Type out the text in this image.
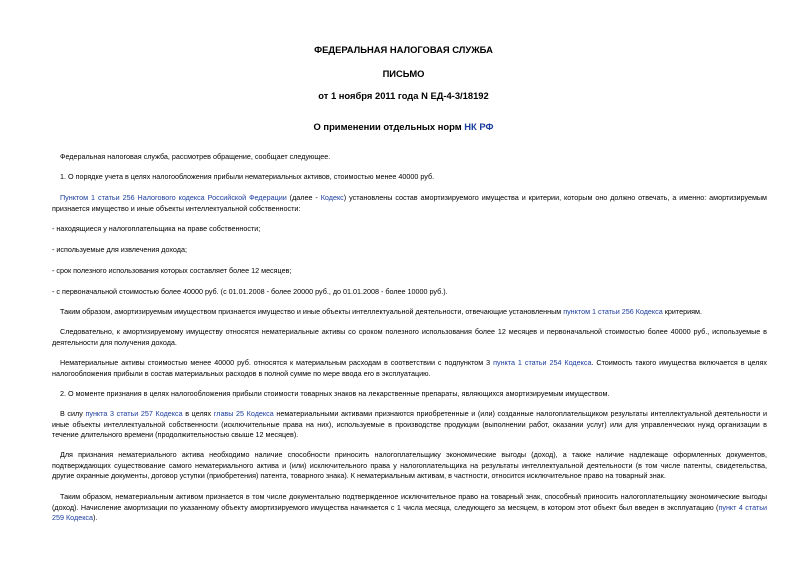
ФЕДЕРАЛЬНАЯ НАЛОГОВАЯ СЛУЖБА
ПИСЬМО
от 1 ноября 2011 года N ЕД-4-3/18192
О применении отдельных норм НК РФ

Федеральная налоговая служба, рассмотрев обращение, сообщает следующее.

1. О порядке учета в целях налогообложения прибыли нематериальных активов, стоимостью менее 40000 руб.

Пунктом 1 статьи 256 Налогового кодекса Российской Федерации (далее - Кодекс) установлены состав амортизируемого имущества и критерии, которым оно должно отвечать, а именно: амортизируемым признается имущество и иные объекты интеллектуальной собственности:

- находящиеся у налогоплательщика на праве собственности;

- используемые для извлечения дохода;

- срок полезного использования которых составляет более 12 месяцев;

- с первоначальной стоимостью более 40000 руб. (с 01.01.2008 - более 20000 руб., до 01.01.2008 - более 10000 руб.).

Таким образом, амортизируемым имуществом признается имущество и иные объекты интеллектуальной деятельности, отвечающие установленным пунктом 1 статьи 256 Кодекса критериям.

Следовательно, к амортизируемому имуществу относятся нематериальные активы со сроком полезного использования более 12 месяцев и первоначальной стоимостью более 40000 руб., используемые в деятельности для получения дохода.

Нематериальные активы стоимостью менее 40000 руб. относятся к материальным расходам в соответствии с подпунктом 3 пункта 1 статьи 254 Кодекса. Стоимость такого имущества включается в целях налогообложения прибыли в состав материальных расходов в полной сумме по мере ввода его в эксплуатацию.

2. О моменте признания в целях налогообложения прибыли стоимости товарных знаков на лекарственные препараты, являющихся амортизируемым имуществом.

В силу пункта 3 статьи 257 Кодекса в целях главы 25 Кодекса нематериальными активами признаются приобретенные и (или) созданные налогоплательщиком результаты интеллектуальной деятельности и иные объекты интеллектуальной собственности (исключительные права на них), используемые в производстве продукции (выполнении работ, оказании услуг) или для управленческих нужд организации в течение длительного времени (продолжительностью свыше 12 месяцев).

Для признания нематериального актива необходимо наличие способности приносить налогоплательщику экономические выгоды (доход), а также наличие надлежаще оформленных документов, подтверждающих существование самого нематериального актива и (или) исключительного права у налогоплательщика на результаты интеллектуальной деятельности (в том числе патенты, свидетельства, другие охранные документы, договор уступки (приобретения) патента, товарного знака). К нематериальным активам, в частности, относится исключительное право на товарный знак.

Таким образом, нематериальным активом признается в том числе документально подтвержденное исключительное право на товарный знак, способный приносить налогоплательщику экономические выгоды (доход). Начисление амортизации по указанному объекту амортизируемого имущества начинается с 1 числа месяца, следующего за месяцем, в котором этот объект был введен в эксплуатацию (пункт 4 статьи 259 Кодекса).
